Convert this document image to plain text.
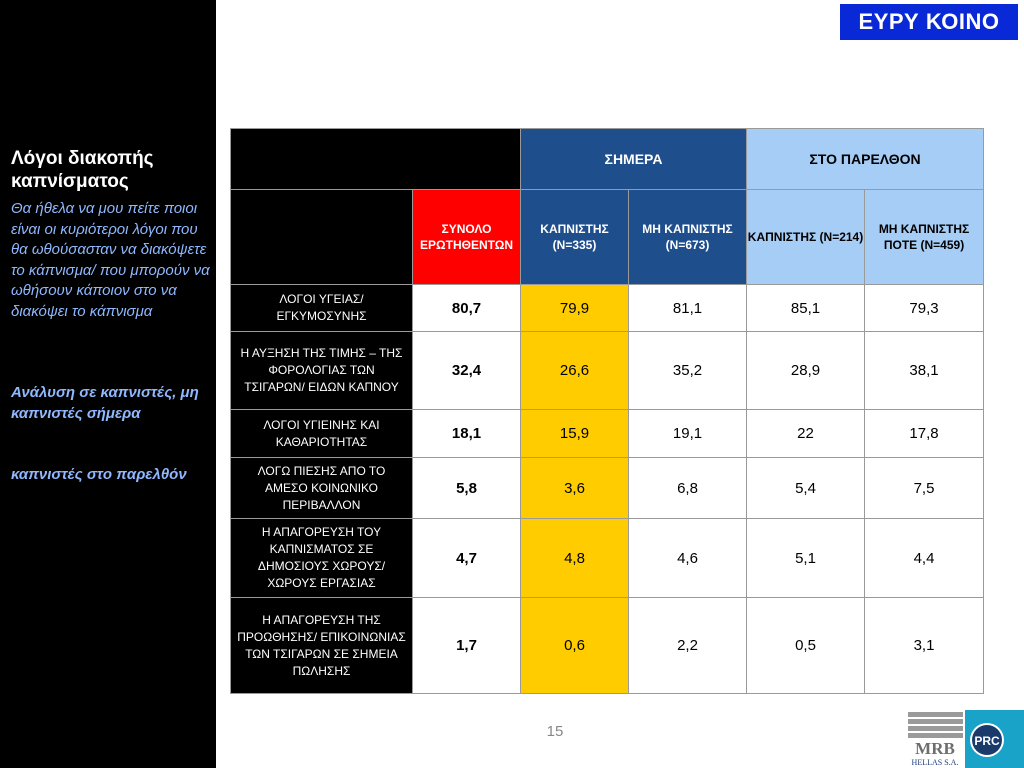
Λόγοι διακοπής καπνίσματος
Θα ήθελα να μου πείτε ποιοι είναι οι κυριότεροι λόγοι που θα ωθούσασταν να διακόψετε το κάπνισμα/ που μπορούν να ωθήσουν κάποιον στο να διακόψει το κάπνισμα
Ανάλυση σε καπνιστές, μη καπνιστές σήμερα
καπνιστές στο παρελθόν
ΕΥΡΥ ΚΟΙΝΟ
		ΣΗΜΕΡΑ		ΣΤΟ ΠΑΡΕΛΘΟΝ	
	ΣΥΝΟΛΟ ΕΡΩΤΗΘΕΝΤΩΝ	ΚΑΠΝΙΣΤΗΣ (Ν=335)	ΜΗ ΚΑΠΝΙΣΤΗΣ (Ν=673)	ΚΑΠΝΙΣΤΗΣ (Ν=214)	ΜΗ ΚΑΠΝΙΣΤΗΣ ΠΟΤΕ (Ν=459)
ΛΟΓΟΙ ΥΓΕΙΑΣ/ ΕΓΚΥΜΟΣΥΝΗΣ	80,7	79,9	81,1	85,1	79,3
Η ΑΥΞΗΣΗ ΤΗΣ ΤΙΜΗΣ – ΤΗΣ ΦΟΡΟΛΟΓΙΑΣ ΤΩΝ ΤΣΙΓΑΡΩΝ/ ΕΙΔΩΝ ΚΑΠΝΟΥ	32,4	26,6	35,2	28,9	38,1
ΛΟΓΟΙ ΥΓΙΕΙΝΗΣ ΚΑΙ ΚΑΘΑΡΙΟΤΗΤΑΣ	18,1	15,9	19,1	22	17,8
ΛΟΓΩ ΠΙΕΣΗΣ ΑΠΟ ΤΟ ΑΜΕΣΟ ΚΟΙΝΩΝΙΚΟ ΠΕΡΙΒΑΛΛΟΝ	5,8	3,6	6,8	5,4	7,5
Η ΑΠΑΓΟΡΕΥΣΗ ΤΟΥ ΚΑΠΝΙΣΜΑΤΟΣ ΣΕ ΔΗΜΟΣΙΟΥΣ ΧΩΡΟΥΣ/ ΧΩΡΟΥΣ ΕΡΓΑΣΙΑΣ	4,7	4,8	4,6	5,1	4,4
Η ΑΠΑΓΟΡΕΥΣΗ ΤΗΣ ΠΡΟΩΘΗΣΗΣ/ ΕΠΙΚΟΙΝΩΝΙΑΣ ΤΩΝ ΤΣΙΓΑΡΩΝ ΣΕ ΣΗΜΕΙΑ ΠΩΛΗΣΗΣ	1,7	0,6	2,2	0,5	3,1
15
MRB
HELLAS S.A.
PRC
